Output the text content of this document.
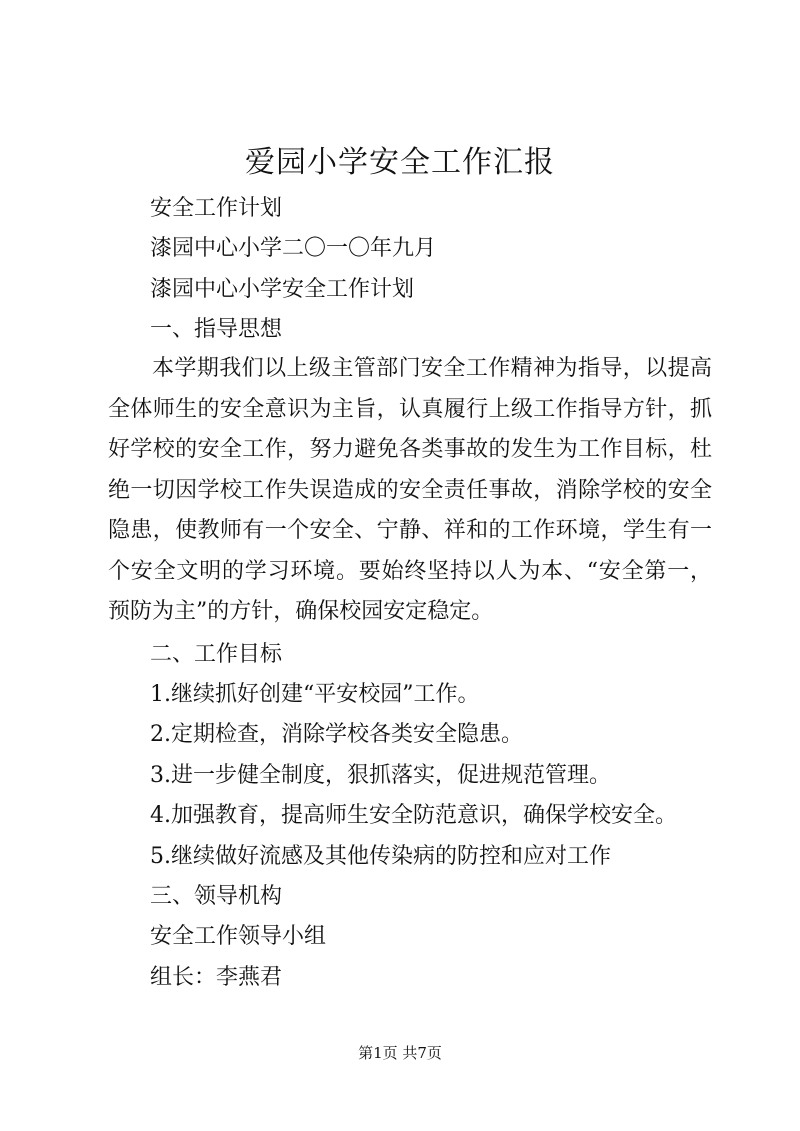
爱园小学安全工作汇报

安全工作计划

漆园中心小学二〇一〇年九月

漆园中心小学安全工作计划

一、指导思想

本学期我们以上级主管部门安全工作精神为指导，以提高全体师生的安全意识为主旨，认真履行上级工作指导方针，抓好学校的安全工作，努力避免各类事故的发生为工作目标，杜绝一切因学校工作失误造成的安全责任事故，消除学校的安全隐患，使教师有一个安全、宁静、祥和的工作环境，学生有一个安全文明的学习环境。要始终坚持以人为本、“安全第一，预防为主”的方针，确保校园安定稳定。

二、工作目标

1.继续抓好创建“平安校园”工作。

2.定期检查，消除学校各类安全隐患。

3.进一步健全制度，狠抓落实，促进规范管理。

4.加强教育，提高师生安全防范意识，确保学校安全。

5.继续做好流感及其他传染病的防控和应对工作

三、领导机构

安全工作领导小组

组长：李燕君

第1页 共7页
